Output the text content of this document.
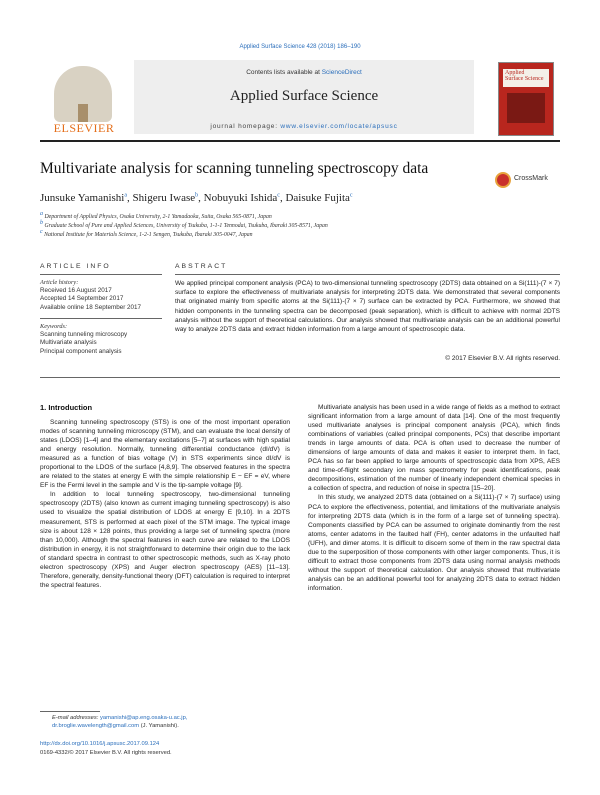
Applied Surface Science 428 (2018) 186–190
ELSEVIER
Contents lists available at ScienceDirect
Applied Surface Science
journal homepage: www.elsevier.com/locate/apsusc
Applied
Surface Science
Multivariate analysis for scanning tunneling spectroscopy data
CrossMark
Junsuke Yamanishi$^a$, Shigeru Iwase$^b$, Nobuyuki Ishida$^c$, Daisuke Fujita$^c$
$^a$ Department of Applied Physics, Osaka University, 2-1 Yamadaoka, Suita, Osaka 565-0871, Japan
$^b$ Graduate School of Pure and Applied Sciences, University of Tsukuba, 1-1-1 Tennodai, Tsukuba, Ibaraki 305-8571, Japan
$^c$ National Institute for Materials Science, 1-2-1 Sengen, Tsukuba, Ibaraki 305-0047, Japan
ARTICLE INFO	ABSTRACT
Article history:
Received 16 August 2017
Accepted 14 September 2017
Available online 18 September 2017
Keywords:
Scanning tunneling microscopy
Multivariate analysis
Principal component analysis
We applied principal component analysis (PCA) to two-dimensional tunneling spectroscopy (2DTS) data obtained on a Si(111)-(7 × 7) surface to explore the effectiveness of multivariate analysis for interpreting 2DTS data. We demonstrated that several components that originated mainly from specific atoms at the Si(111)-(7 × 7) surface can be extracted by PCA. Furthermore, we showed that hidden components in the tunneling spectra can be decomposed (peak separation), which is difficult to achieve with normal 2DTS analysis without the support of theoretical calculations. Our analysis showed that multivariate analysis can be an additional powerful way to analyze 2DTS data and extract hidden information from a large amount of spectroscopic data.
© 2017 Elsevier B.V. All rights reserved.
1. Introduction

Scanning tunneling spectroscopy (STS) is one of the most important operation modes of scanning tunneling microscopy (STM), and can evaluate the local density of states (LDOS) [1–4] and the elementary excitations [5–7] at surfaces with high spatial and energy resolution. Normally, tunneling differential conductance (dI/dV) is measured as a function of bias voltage (V) in STS experiments since dI/dV is proportional to the LDOS of the surface [4,8,9]. The observed features in the spectra are related to the states at energy E with the simple relationship E − EF = eV, where EF is the Fermi level in the sample and V is the tip-sample voltage [9].

In addition to local tunneling spectroscopy, two-dimensional tunneling spectroscopy (2DTS) (also known as current imaging tunneling spectroscopy) is also used to visualize the spatial distribution of LDOS at energy E [9,10]. In a 2DTS measurement, STS is performed at each pixel of the STM image. The typical image size is about 128 × 128 points, thus providing a large set of tunneling spectra (more than 10,000). Although the spectral features in each curve are related to the LDOS distribution in energy, it is not straightforward to determine their origin due to the lack of standard spectra in contrast to other spectroscopic methods, such as X-ray photo electron spectroscopy (XPS) and Auger electron spectroscopy (AES) [11–13]. Therefore, generally, density-functional theory (DFT) calculation is required to interpret the spectral features.

Multivariate analysis has been used in a wide range of fields as a method to extract significant information from a large amount of data [14]. One of the most frequently used multivariate analyses is principal component analysis (PCA), which finds combinations of variables (called principal components, PCs) that describe important trends in large amounts of data. PCA is often used to decrease the number of dimensions of large amounts of data and makes it easier to interpret them. In fact, PCA has so far been applied to large amounts of spectroscopic data from XPS, AES and time-of-flight secondary ion mass spectrometry for peak identifications, peak decompositions, estimation of the number of linearly independent chemical species in a collection of spectra, and reduction of noise in spectra [15–20].

In this study, we analyzed 2DTS data (obtained on a Si(111)-(7 × 7) surface) using PCA to explore the effectiveness, potential, and limitations of the multivariate analysis for interpreting 2DTS data (which is in the form of a large set of tunneling spectra). Components classified by PCA can be assumed to originate dominantly from the rest atoms, center adatoms in the faulted half (FH), center adatoms in the unfaulted half (UFH), and dimer atoms. It is difficult to discern some of them in the raw spectral data due to the superposition of those components with other larger components. Thus, it is difficult to extract those components from 2DTS data using normal analysis methods without the support of theoretical calculation. Our analysis showed that multivariate analysis can be an additional powerful tool for analyzing 2DTS data to extract hidden information.

E-mail addresses: yamanishi@ap.eng.osaka-u.ac.jp,
dr.broglie.wavelength@gmail.com (J. Yamanishi).
http://dx.doi.org/10.1016/j.apsusc.2017.09.124
0169-4332/© 2017 Elsevier B.V. All rights reserved.
